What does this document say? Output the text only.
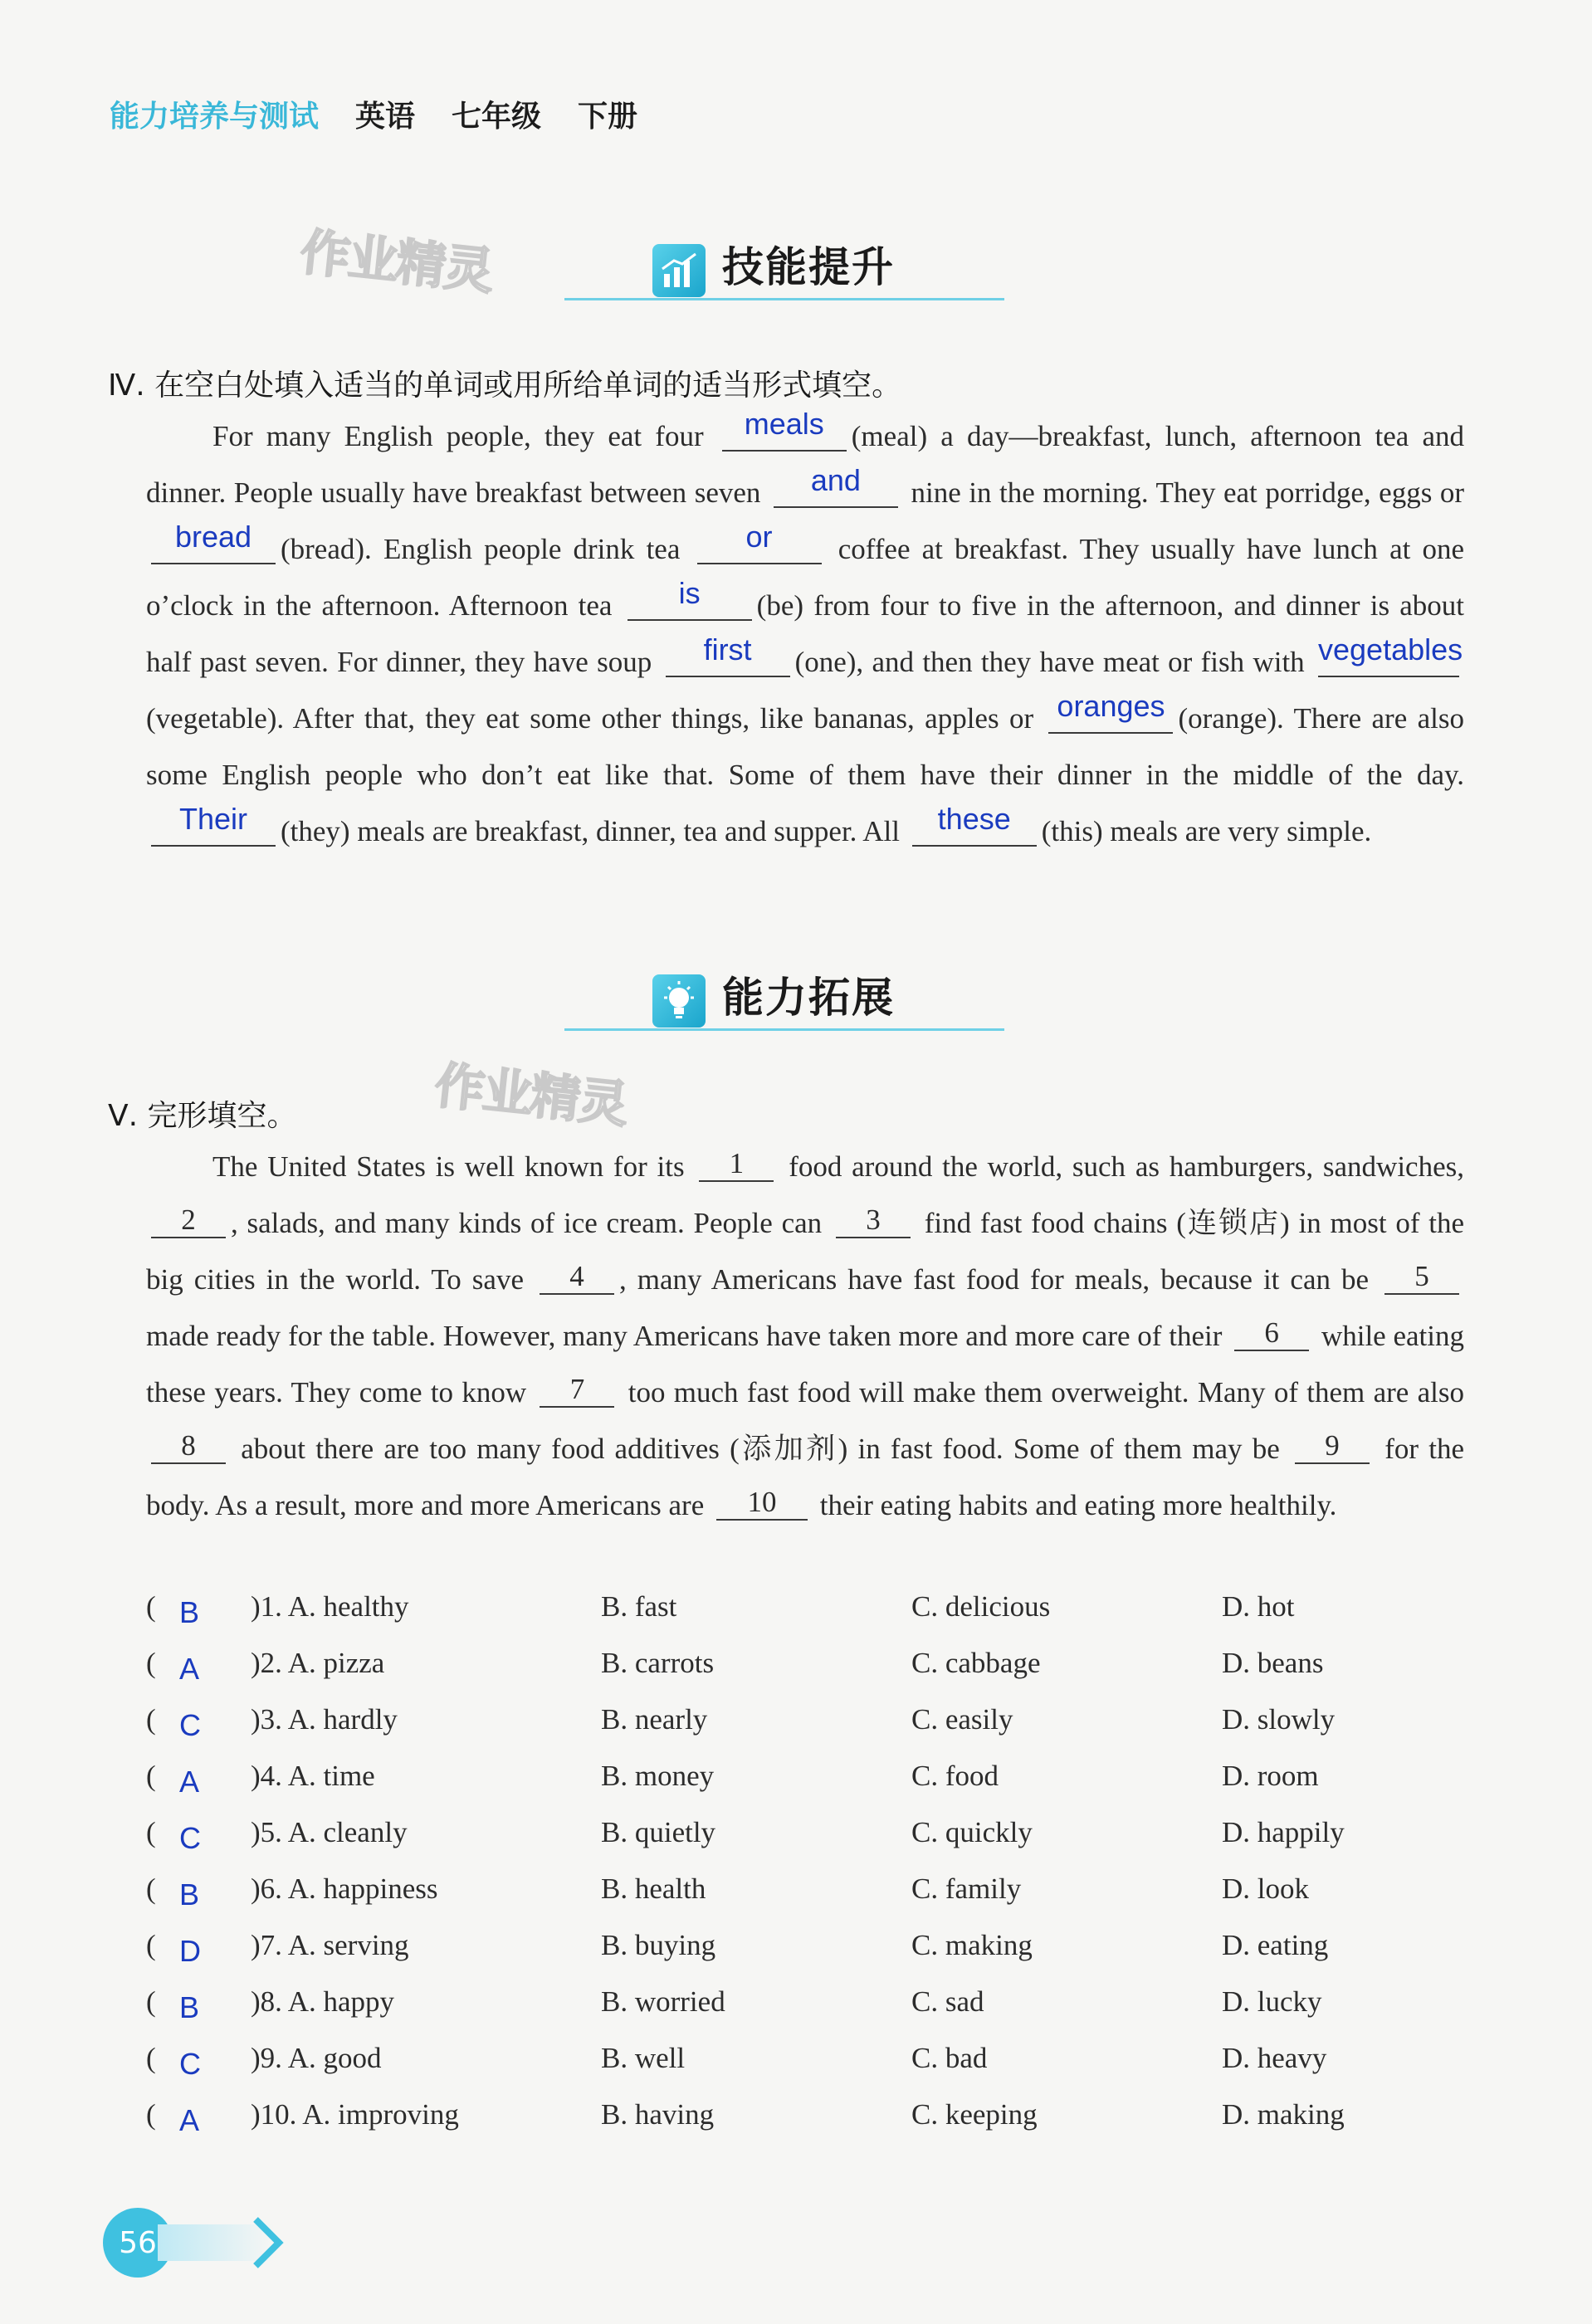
能力培养与测试 英语 七年级 下册
作业精灵
作业精灵
技能提升
Ⅳ. 在空白处填入适当的单词或用所给单词的适当形式填空。
For many English people, they eat four meals (meal) a day—breakfast, lunch, afternoon tea and dinner. People usually have breakfast between seven and nine in the morning. They eat porridge, eggs or bread (bread). English people drink tea or coffee at breakfast. They usually have lunch at one o’clock in the afternoon. Afternoon tea is (be) from four to five in the afternoon, and dinner is about half past seven. For dinner, they have soup first (one), and then they have meat or fish with vegetables(vegetable). After that, they eat some other things, like bananas, apples or oranges (orange). There are also some English people who don’t eat like that. Some of them have their dinner in the middle of the day. Their (they) meals are breakfast, dinner, tea and supper. All these (this) meals are very simple.
能力拓展
Ⅴ. 完形填空。
The United States is well known for its 1 food around the world, such as hamburgers, sandwiches, 2 , salads, and many kinds of ice cream. People can 3 find fast food chains (连锁店) in most of the big cities in the world. To save 4 , many Americans have fast food for meals, because it can be 5 made ready for the table. However, many Americans have taken more and more care of their 6 while eating these years. They come to know 7 too much fast food will make them overweight. Many of them are also 8 about there are too many food additives (添加剂) in fast food. Some of them may be 9 for the body. As a result, more and more Americans are 10 their eating habits and eating more healthily.
( B )1. A. healthy	B. fast	C. delicious	D. hot
( A )2. A. pizza	B. carrots	C. cabbage	D. beans
( C )3. A. hardly	B. nearly	C. easily	D. slowly
( A )4. A. time	B. money	C. food	D. room
( C )5. A. cleanly	B. quietly	C. quickly	D. happily
( B )6. A. happiness	B. health	C. family	D. look
( D )7. A. serving	B. buying	C. making	D. eating
( B )8. A. happy	B. worried	C. sad	D. lucky
( C )9. A. good	B. well	C. bad	D. heavy
( A )10. A. improving	B. having	C. keeping	D. making
56
